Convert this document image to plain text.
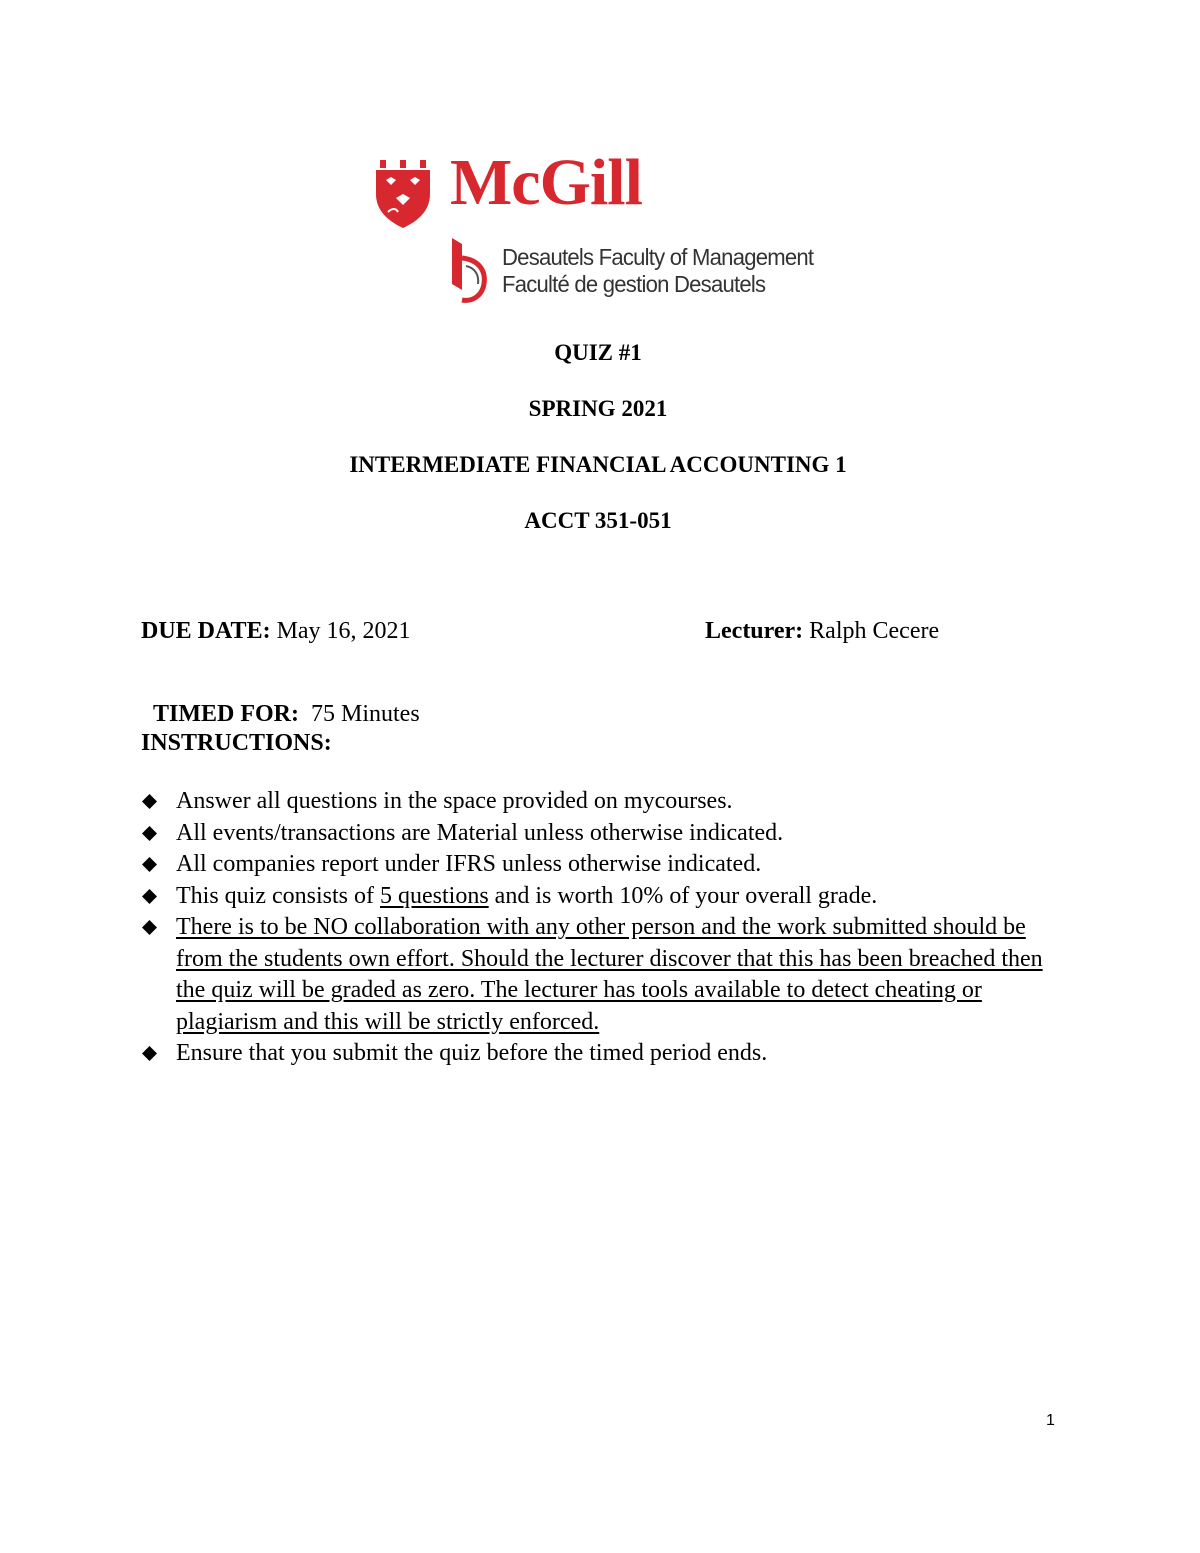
McGill
Desautels Faculty of Management
Faculté de gestion Desautels
QUIZ #1
SPRING 2021
INTERMEDIATE FINANCIAL ACCOUNTING 1
ACCT 351-051
DUE DATE: May 16, 2021	Lecturer: Ralph Cecere

TIMED FOR:  75 Minutes

INSTRUCTIONS:
Answer all questions in the space provided on mycourses.
All events/transactions are Material unless otherwise indicated.
All companies report under IFRS unless otherwise indicated.
This quiz consists of 5 questions and is worth 10% of your overall grade.
There is to be NO collaboration with any other person and the work submitted should be from the students own effort. Should the lecturer discover that this has been breached then the quiz will be graded as zero. The lecturer has tools available to detect cheating or plagiarism and this will be strictly enforced.
Ensure that you submit the quiz before the timed period ends.
1
